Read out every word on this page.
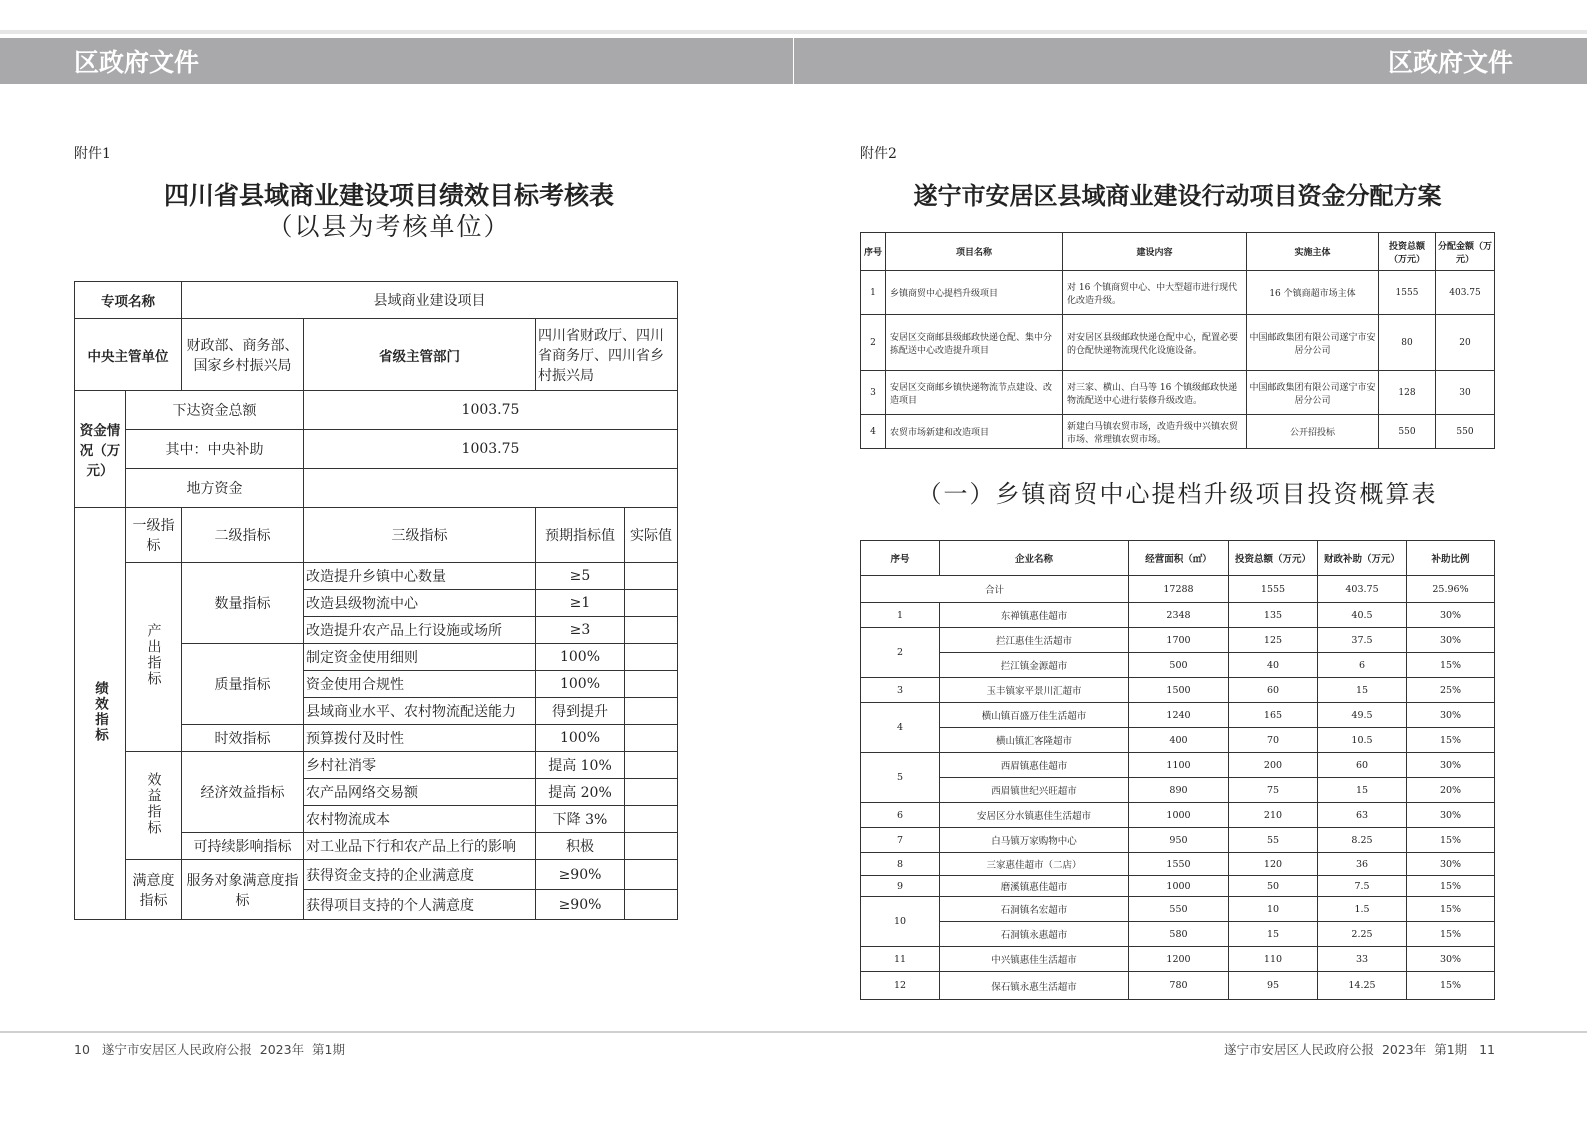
区政府文件	区政府文件
附件1
四川省县域商业建设项目绩效目标考核表
（以县为考核单位）
专项名称		县域商业建设项目			
中央主管单位		财政部、商务部、国家乡村振兴局	省级主管部门	四川省财政厅、四川省商务厅、四川省乡村振兴局	
资金情况（万元）	下达资金总额		1003.75		
	其中：中央补助		1003.75		
	地方资金				
绩效指标	一级指标	二级指标	三级指标	预期指标值	实际值
	产出指标	数量指标	改造提升乡镇中心数量	≥5	
			改造县级物流中心	≥1	
			改造提升农产品上行设施或场所	≥3	
		质量指标	制定资金使用细则	100%	
			资金使用合规性	100%	
			县域商业水平、农村物流配送能力	得到提升	
		时效指标	预算拨付及时性	100%	
	效益指标	经济效益指标	乡村社消零	提高 10%	
			农产品网络交易额	提高 20%	
			农村物流成本	下降 3%	
		可持续影响指标	对工业品下行和农产品上行的影响	积极	
	满意度指标	服务对象满意度指标	获得资金支持的企业满意度	≥90%	
			获得项目支持的个人满意度	≥90%	
附件2
遂宁市安居区县域商业建设行动项目资金分配方案
序号	项目名称	建设内容	实施主体	投资总额（万元）	分配金额（万元）
1	乡镇商贸中心提档升级项目	对 16 个镇商贸中心、中大型超市进行现代化改造升级。	16 个镇商超市场主体	1555	403.75
2	安居区交商邮县级邮政快递仓配、集中分拣配送中心改造提升项目	对安居区县级邮政快递仓配中心，配置必要的仓配快递物流现代化设施设备。	中国邮政集团有限公司遂宁市安居分公司	80	20
3	安居区交商邮乡镇快递物流节点建设、改造项目	对三家、横山、白马等 16 个镇级邮政快递物流配送中心进行装修升级改造。	中国邮政集团有限公司遂宁市安居分公司	128	30
4	农贸市场新建和改造项目	新建白马镇农贸市场，改造升级中兴镇农贸市场、常理镇农贸市场。	公开招投标	550	550
（一）乡镇商贸中心提档升级项目投资概算表
序号	企业名称	经营面积（㎡）	投资总额（万元）	财政补助（万元）	补助比例
合计		17288	1555	403.75	25.96%
1	东禅镇惠佳超市	2348	135	40.5	30%
2	拦江惠佳生活超市	1700	125	37.5	30%
	拦江镇金源超市	500	40	6	15%
3	玉丰镇家平景川汇超市	1500	60	15	25%
4	横山镇百盛万佳生活超市	1240	165	49.5	30%
	横山镇汇客隆超市	400	70	10.5	15%
5	西眉镇惠佳超市	1100	200	60	30%
	西眉镇世纪兴旺超市	890	75	15	20%
6	安居区分水镇惠佳生活超市	1000	210	63	30%
7	白马镇万家购物中心	950	55	8.25	15%
8	三家惠佳超市（二店）	1550	120	36	30%
9	磨溪镇惠佳超市	1000	50	7.5	15%
10	石洞镇名宏超市	550	10	1.5	15%
	石洞镇永惠超市	580	15	2.25	15%
11	中兴镇惠佳生活超市	1200	110	33	30%
12	保石镇永惠生活超市	780	95	14.25	15%
10 遂宁市安居区人民政府公报  2023年  第1期	遂宁市安居区人民政府公报  2023年  第1期 11
